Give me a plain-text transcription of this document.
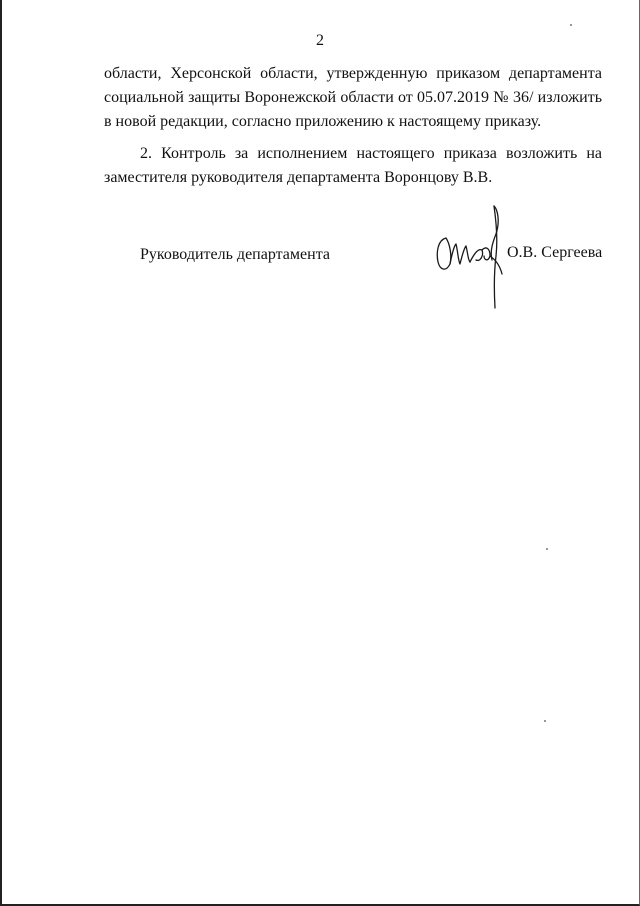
2

области, Херсонской области, утвержденную приказом департамента социальной защиты Воронежской области от 05.07.2019 № 36/ изложить в новой редакции, согласно приложению к настоящему приказу.

2. Контроль за исполнением настоящего приказа возложить на заместителя руководителя департамента Воронцову В.В.

Руководитель департамента	О.В. Сергеева
